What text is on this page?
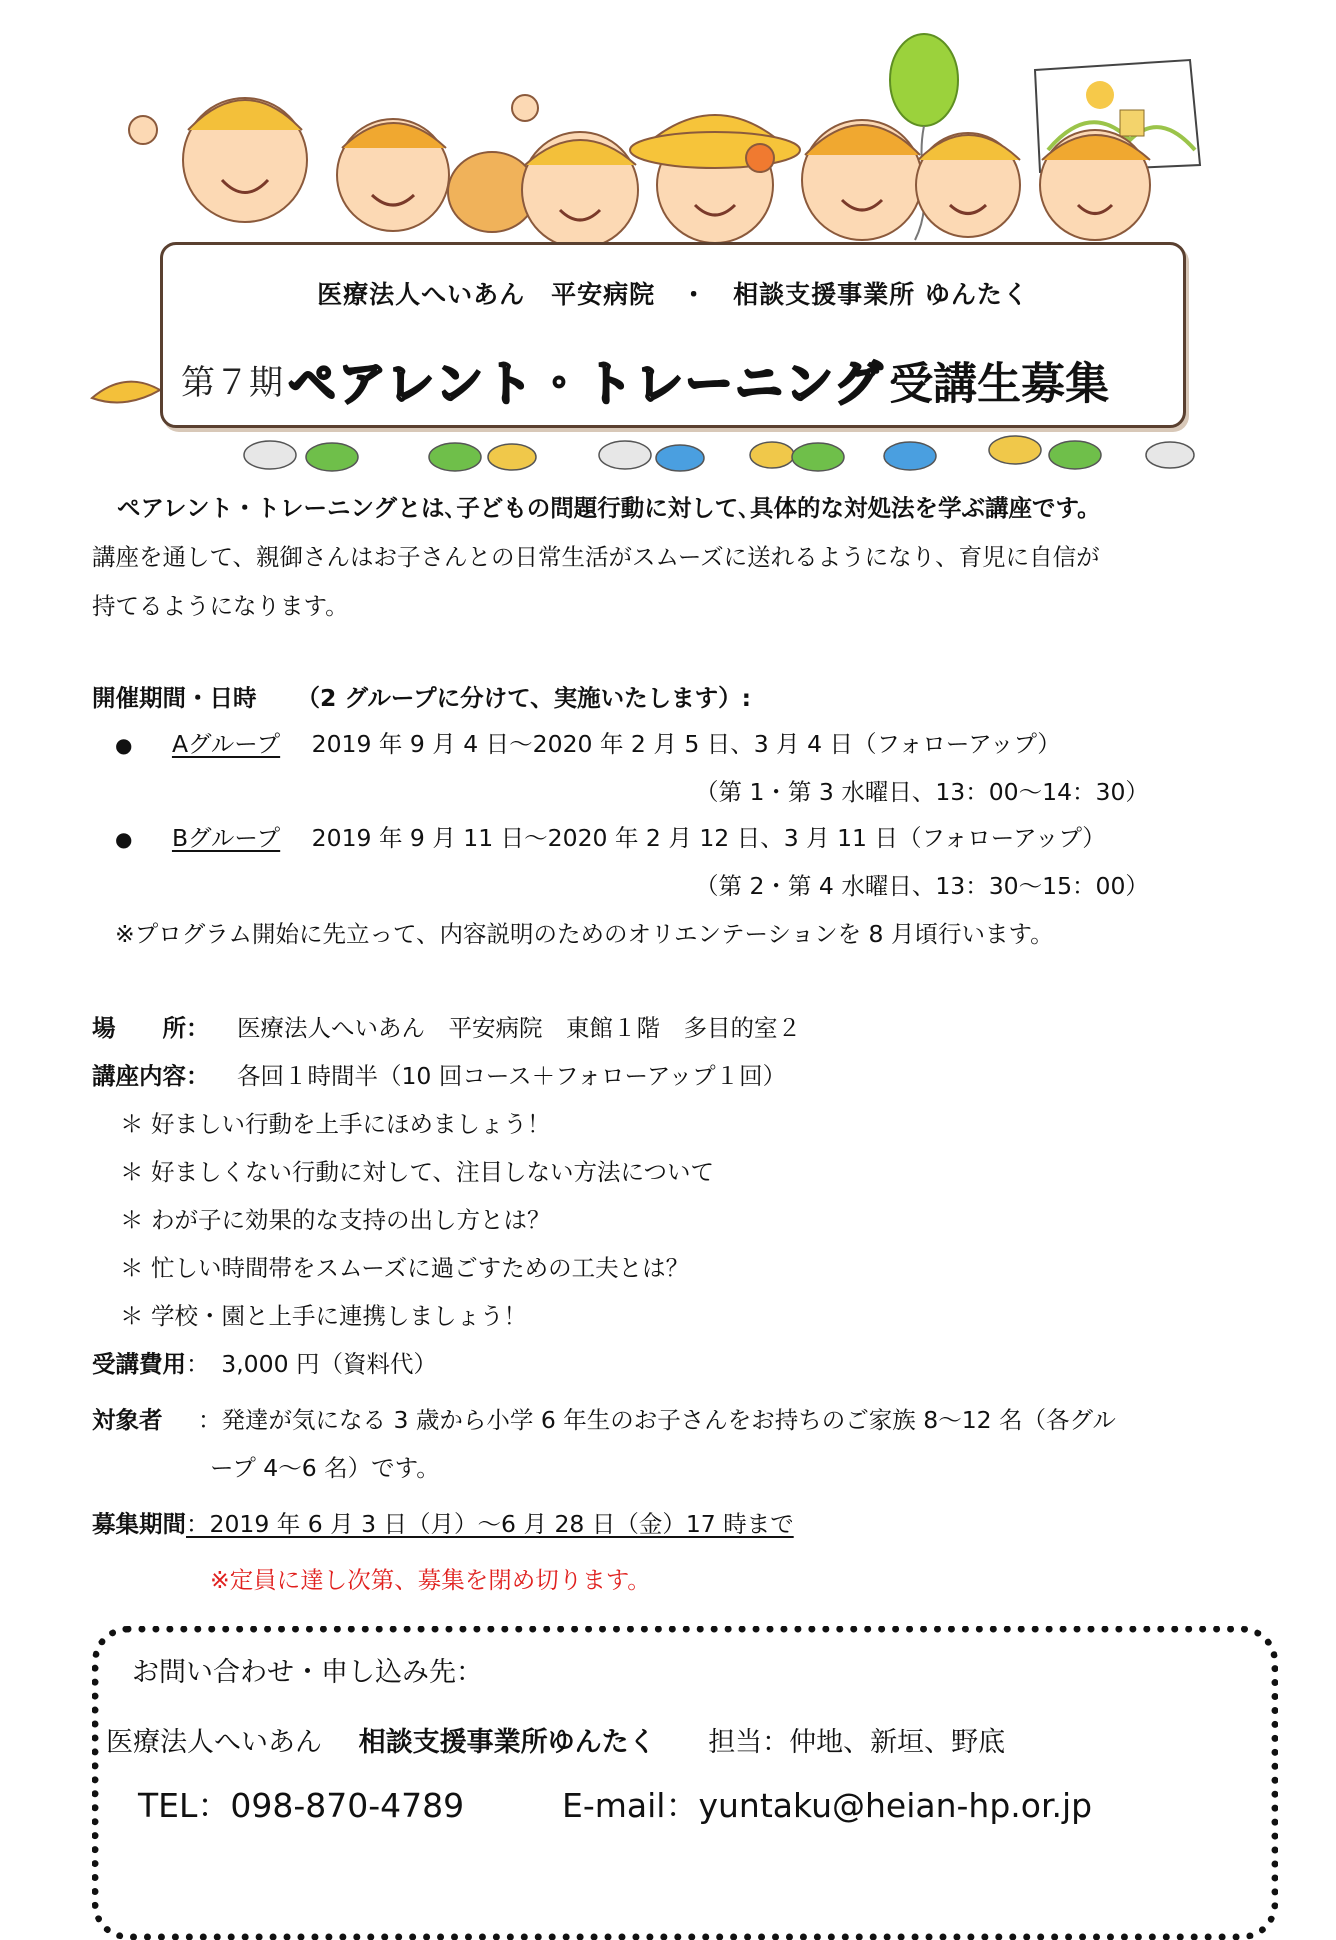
医療法人へいあん　平安病院　・　相談支援事業所 ゆんたく
第７期 ペアレント・トレーニング 受講生募集
ペアレント・トレーニングとは､子どもの問題行動に対して､具体的な対処法を学ぶ講座です。
講座を通して、親御さんはお子さんとの日常生活がスムーズに送れるようになり、育児に自信が
持てるようになります。
開催期間・日時 （2 グループに分けて、実施いたします）:
● Aグループ 2019 年 9 月 4 日～2020 年 2 月 5 日、3 月 4 日（フォローアップ）
（第 1・第 3 水曜日、13：00～14：30）
● Bグループ 2019 年 9 月 11 日～2020 年 2 月 12 日、3 月 11 日（フォローアップ）
（第 2・第 4 水曜日、13：30～15：00）
※プログラム開始に先立って、内容説明のためのオリエンテーションを 8 月頃行います。
場　　所： 医療法人へいあん　平安病院　東館１階　多目的室２
講座内容： 各回１時間半（10 回コース＋フォローアップ１回）
＊ 好ましい行動を上手にほめましょう！
＊ 好ましくない行動に対して、注目しない方法について
＊ わが子に効果的な支持の出し方とは？
＊ 忙しい時間帯をスムーズに過ごすための工夫とは？
＊ 学校・園と上手に連携しましょう！
受講費用：　3,000 円（資料代）
対象者 ：発達が気になる 3 歳から小学 6 年生のお子さんをお持ちのご家族 8～12 名（各グル
ープ 4～6 名）です。
募集期間：2019 年 6 月 3 日（月）～6 月 28 日（金）17 時まで
※定員に達し次第、募集を閉め切ります。
お問い合わせ・申し込み先：
医療法人へいあん 相談支援事業所ゆんたく 担当：仲地、新垣、野底
TEL：098-870-4789	E-mail：yuntaku@heian-hp.or.jp
